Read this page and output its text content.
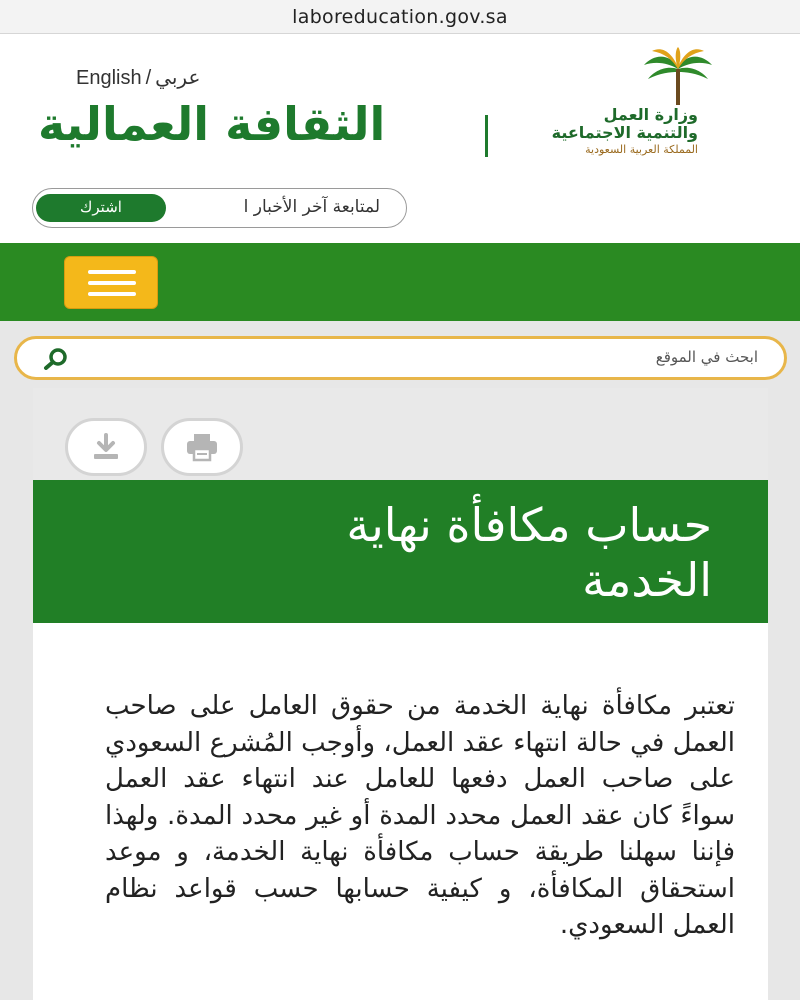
laboreducation.gov.sa
English / عربي
الثقافة العمالية	وزارة العمل
والتنمية الاجتماعية
المملكة العربية السعودية
لمتابعة آخر الأخبار ا
اشترك
ابحث في الموقع
حساب مكافأة نهاية الخدمة
تعتبر مكافأة نهاية الخدمة من حقوق العامل على صاحب العمل في حالة انتهاء عقد العمل، وأوجب المُشرع السعودي على صاحب العمل دفعها للعامل عند انتهاء عقد العمل سواءً كان عقد العمل محدد المدة أو غير محدد المدة. ولهذا فإننا سهلنا طريقة حساب مكافأة نهاية الخدمة، و موعد استحقاق المكافأة، و كيفية حسابها حسب قواعد نظام العمل السعودي.
